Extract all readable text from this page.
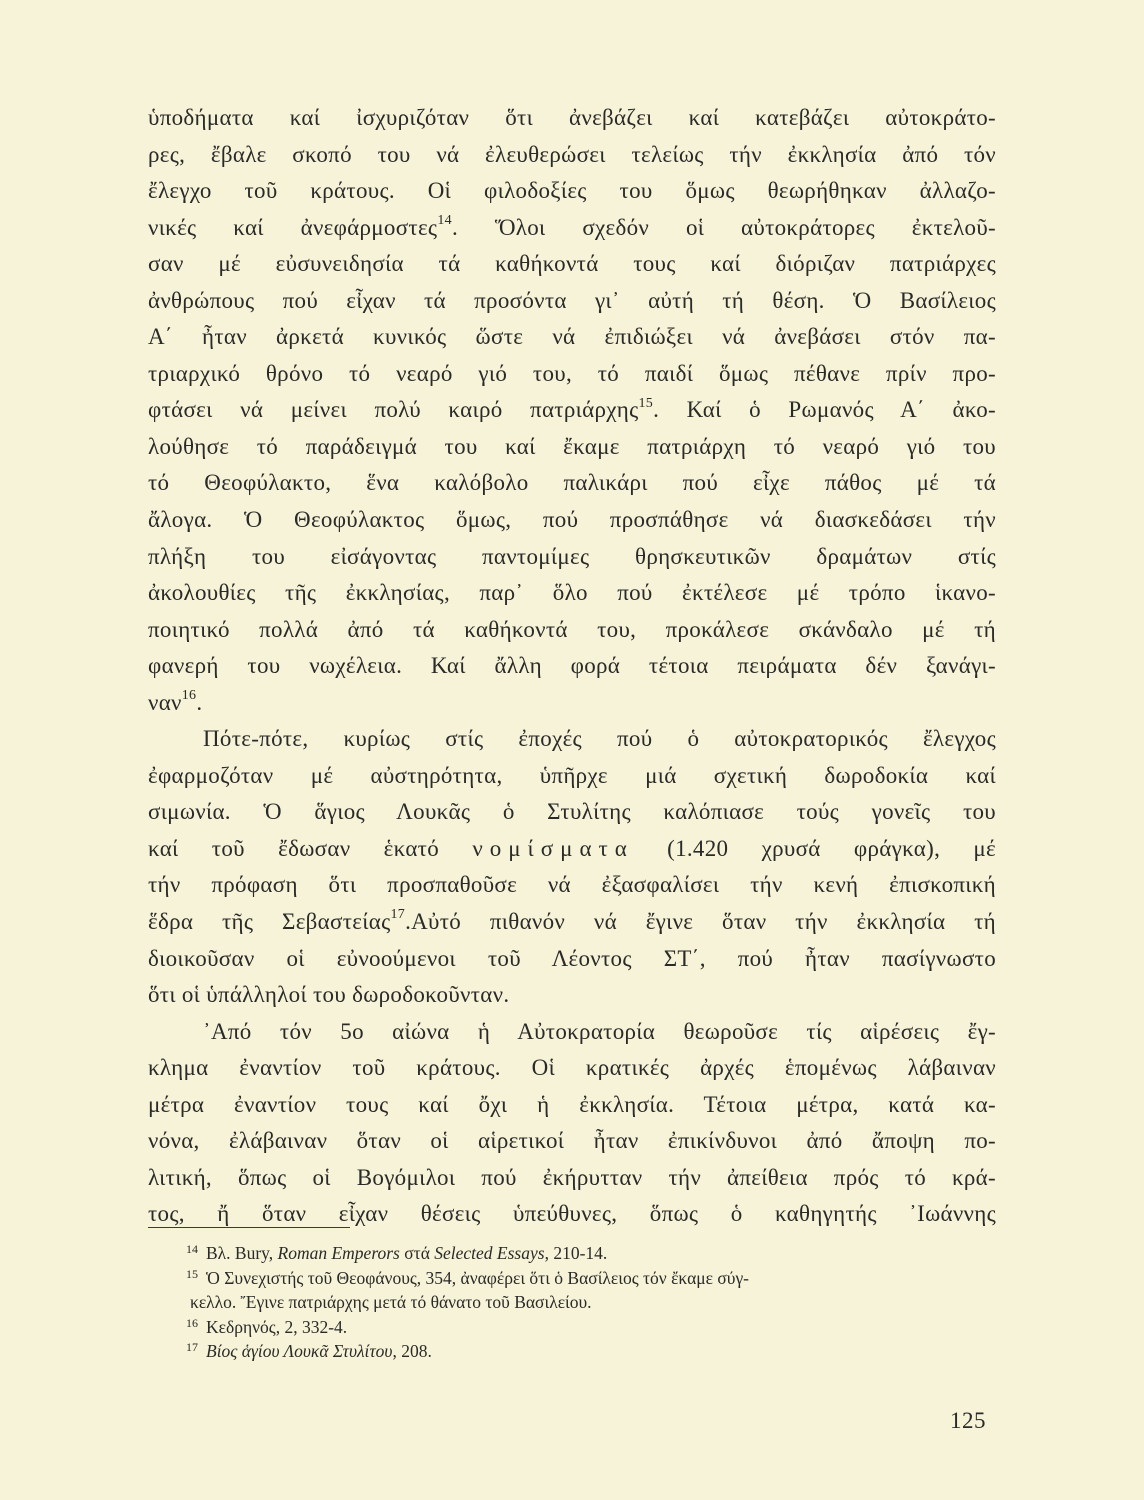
ὑποδήματα καί ἰσχυριζόταν ὅτι ἀνεβάζει καί κατεβάζει αὐτοκράτο-
ρες, ἔβαλε σκοπό του νά ἐλευθερώσει τελείως τήν ἐκκλησία ἀπό τόν
ἔλεγχο τοῦ κράτους. Οἱ φιλοδοξίες του ὅμως θεωρήθηκαν ἀλλαζο-
νικές καί ἀνεφάρμοστες$^{14}$. Ὅλοι σχεδόν οἱ αὐτοκράτορες ἐκτελοῦ-
σαν μέ εὐσυνειδησία τά καθήκοντά τους καί διόριζαν πατριάρχες
ἀνθρώπους πού εἶχαν τά προσόντα γι᾽ αὐτή τή θέση. Ὁ Βασίλειος
Α΄ ἦταν ἀρκετά κυνικός ὥστε νά ἐπιδιώξει νά ἀνεβάσει στόν πα-
τριαρχικό θρόνο τό νεαρό γιό του, τό παιδί ὅμως πέθανε πρίν προ-
φτάσει νά μείνει πολύ καιρό πατριάρχης$^{15}$. Καί ὁ Ρωμανός Α΄ ἀκο-
λούθησε τό παράδειγμά του καί ἔκαμε πατριάρχη τό νεαρό γιό του
τό Θεοφύλακτο, ἕνα καλόβολο παλικάρι πού εἶχε πάθος μέ τά
ἄλογα. Ὁ Θεοφύλακτος ὅμως, πού προσπάθησε νά διασκεδάσει τήν
πλήξη του εἰσάγοντας παντομίμες θρησκευτικῶν δραμάτων στίς
ἀκολουθίες τῆς ἐκκλησίας, παρ᾽ ὅλο πού ἐκτέλεσε μέ τρόπο ἱκανο-
ποιητικό πολλά ἀπό τά καθήκοντά του, προκάλεσε σκάνδαλο μέ τή
φανερή του νωχέλεια. Καί ἄλλη φορά τέτοια πειράματα δέν ξανάγι-
ναν$^{16}$.
Πότε-πότε, κυρίως στίς ἐποχές πού ὁ αὐτοκρατορικός ἔλεγχος
ἐφαρμοζόταν μέ αὐστηρότητα, ὑπῆρχε μιά σχετική δωροδοκία καί
σιμωνία. Ὁ ἅγιος Λουκᾶς ὁ Στυλίτης καλόπιασε τούς γονεῖς του
καί τοῦ ἔδωσαν ἑκατό νομίσματα (1.420 χρυσά φράγκα), μέ
τήν πρόφαση ὅτι προσπαθοῦσε νά ἐξασφαλίσει τήν κενή ἐπισκοπική
ἕδρα τῆς Σεβαστείας$^{17}$.Αὐτό πιθανόν νά ἔγινε ὅταν τήν ἐκκλησία τή
διοικοῦσαν οἱ εὐνοούμενοι τοῦ Λέοντος ΣΤ΄, πού ἦταν πασίγνωστο
ὅτι οἱ ὑπάλληλοί του δωροδοκοῦνταν.
᾽Από τόν 5ο αἰώνα ἡ Αὐτοκρατορία θεωροῦσε τίς αἱρέσεις ἔγ-
κλημα ἐναντίον τοῦ κράτους. Οἱ κρατικές ἀρχές ἑπομένως λάβαιναν
μέτρα ἐναντίον τους καί ὄχι ἡ ἐκκλησία. Τέτοια μέτρα, κατά κα-
νόνα, ἐλάβαιναν ὅταν οἱ αἱρετικοί ἦταν ἐπικίνδυνοι ἀπό ἄποψη πο-
λιτική, ὅπως οἱ Βογόμιλοι πού ἐκήρυτταν τήν ἀπείθεια πρός τό κρά-
τος, ἤ ὅταν εἶχαν θέσεις ὑπεύθυνες, ὅπως ὁ καθηγητής ᾽Ιωάννης
$^{14}$ Βλ. Bury, Roman Emperors στά Selected Essays, 210-14.
$^{15}$ Ὁ Συνεχιστής τοῦ Θεοφάνους, 354, ἀναφέρει ὅτι ὁ Βασίλειος τόν ἔκαμε σύγ-
κελλο. Ἔγινε πατριάρχης μετά τό θάνατο τοῦ Βασιλείου.
$^{16}$ Κεδρηνός, 2, 332-4.
$^{17}$ Βίος ἁγίου Λουκᾶ Στυλίτου, 208.
125
